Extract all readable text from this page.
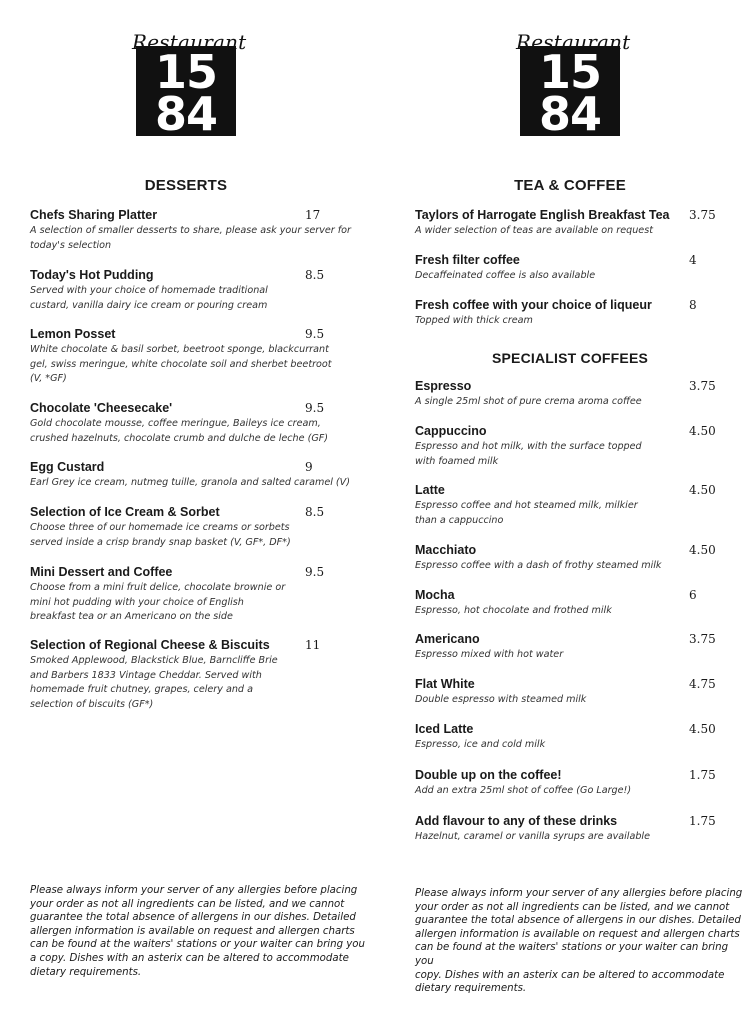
Restaurant
15
84
DESSERTS
Chefs Sharing Platter
A selection of smaller desserts to share, please ask your server for
today's selection
17
Today's Hot Pudding
Served with your choice of homemade traditional
custard, vanilla dairy ice cream or pouring cream
8.5
Lemon Posset
White chocolate & basil sorbet, beetroot sponge, blackcurrant
gel, swiss meringue, white chocolate soil and sherbet beetroot
(V, *GF)
9.5
Chocolate 'Cheesecake'
Gold chocolate mousse, coffee meringue, Baileys ice cream,
crushed hazelnuts, chocolate crumb and dulche de leche (GF)
9.5
Egg Custard
Earl Grey ice cream, nutmeg tuille, granola and salted caramel (V)
9
Selection of Ice Cream & Sorbet
Choose three of our homemade ice creams or sorbets
served inside a crisp brandy snap basket (V, GF*, DF*)
8.5
Mini Dessert and Coffee
Choose from a mini fruit delice, chocolate brownie or
mini hot pudding with your choice of English
breakfast tea or an Americano on the side
9.5
Selection of Regional Cheese & Biscuits
Smoked Applewood, Blackstick Blue, Barncliffe Brie
and Barbers 1833 Vintage Cheddar. Served with
homemade fruit chutney, grapes, celery and a
selection of biscuits (GF*)
11
Please always inform your server of any allergies before placing
your order as not all ingredients can be listed, and we cannot
guarantee the total absence of allergens in our dishes. Detailed
allergen information is available on request and allergen charts
can be found at the waiters' stations or your waiter can bring you
a copy. Dishes with an asterix can be altered to accommodate
dietary requirements.
Restaurant
15
84
TEA & COFFEE
Taylors of Harrogate English Breakfast Tea
A wider selection of teas are available on request
3.75
Fresh filter coffee
Decaffeinated coffee is also available
4
Fresh coffee with your choice of liqueur
Topped with thick cream
8
SPECIALIST COFFEES
Espresso
A single 25ml shot of pure crema aroma coffee
3.75
Cappuccino
Espresso and hot milk, with the surface topped
with foamed milk
4.50
Latte
Espresso coffee and hot steamed milk, milkier
than a cappuccino
4.50
Macchiato
Espresso coffee with a dash of frothy steamed milk
4.50
Mocha
Espresso, hot chocolate and frothed milk
6
Americano
Espresso mixed with hot water
3.75
Flat White
Double espresso with steamed milk
4.75
Iced Latte
Espresso, ice and cold milk
4.50
Double up on the coffee!
Add an extra 25ml shot of coffee (Go Large!)
1.75
Add flavour to any of these drinks
Hazelnut, caramel or vanilla syrups are available
1.75
Please always inform your server of any allergies before placing
your order as not all ingredients can be listed, and we cannot
guarantee the total absence of allergens in our dishes. Detailed
allergen information is available on request and allergen charts
can be found at the waiters' stations or your waiter can bring you
copy. Dishes with an asterix can be altered to accommodate
dietary requirements.
